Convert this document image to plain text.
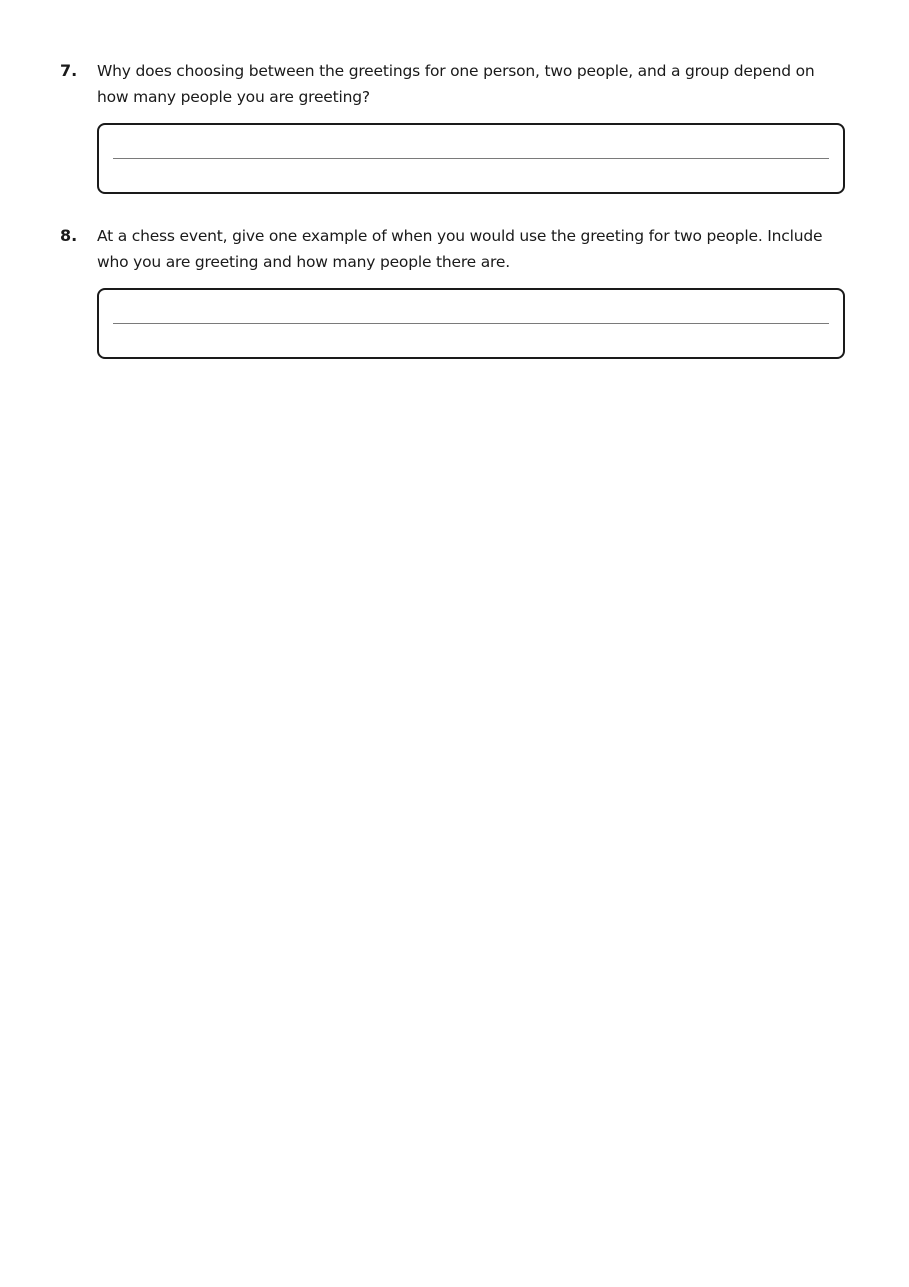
7.	Why does choosing between the greetings for one person, two people, and a group depend on how many people you are greeting?
8.	At a chess event, give one example of when you would use the greeting for two people. Include who you are greeting and how many people there are.
